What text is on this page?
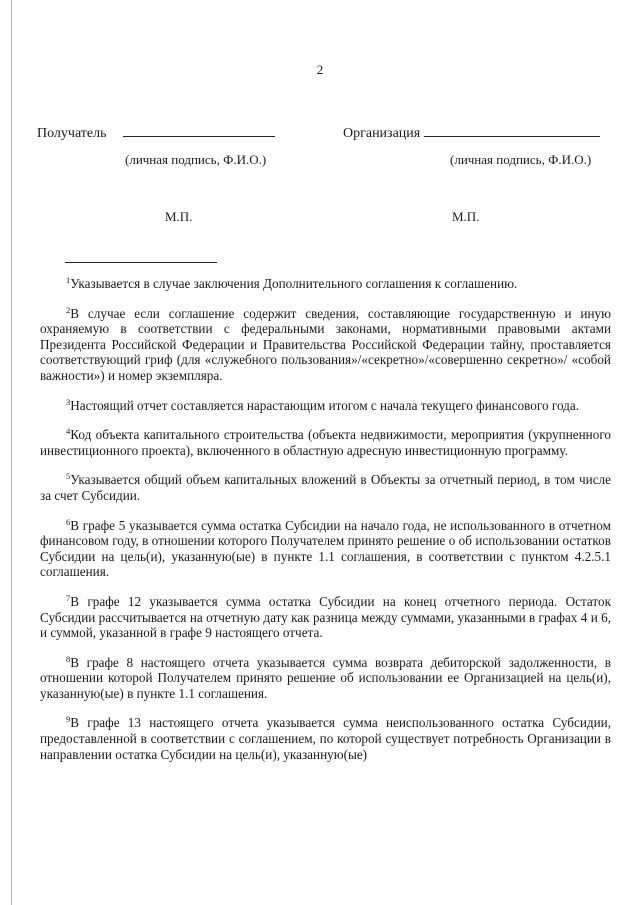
2
Получатель	Организация
(личная подпись, Ф.И.О.)	(личная подпись, Ф.И.О.)
М.П.	М.П.

$^1$Указывается в случае заключения Дополнительного соглашения к соглашению.

$^2$В случае если соглашение содержит сведения, составляющие государственную и иную охраняемую в соответствии с федеральными законами, нормативными правовыми актами Президента Российской Федерации и Правительства Российской Федерации тайну, проставляется соответствующий гриф (для «служебного пользования»/«секретно»/«совершенно секретно»/ «собой важности») и номер экземпляра.

$^3$Настоящий отчет составляется нарастающим итогом с начала текущего финансового года.

$^4$Код объекта капитального строительства (объекта недвижимости, мероприятия (укрупненного инвестиционного проекта), включенного в областную адресную инвестиционную программу.

$^5$Указывается общий объем капитальных вложений в Объекты за отчетный период, в том числе за счет Субсидии.

$^6$В графе 5 указывается сумма остатка Субсидии на начало года, не использованного в отчетном финансовом году, в отношении которого Получателем принято решение о об использовании остатков Субсидии на цель(и), указанную(ые) в пункте 1.1 соглашения, в соответствии с пунктом 4.2.5.1 соглашения.

$^7$В графе 12 указывается сумма остатка Субсидии на конец отчетного периода. Остаток Субсидии рассчитывается на отчетную дату как разница между суммами, указанными в графах 4 и 6, и суммой, указанной в графе 9 настоящего отчета.

$^8$В графе 8 настоящего отчета указывается сумма возврата дебиторской задолженности, в отношении которой Получателем принято решение об использовании ее Организацией на цель(и), указанную(ые) в пункте 1.1 соглашения.

$^9$В графе 13 настоящего отчета указывается сумма неиспользованного остатка Субсидии, предоставленной в соответствии с соглашением, по которой существует потребность Организации в направлении остатка Субсидии на цель(и), указанную(ые)
